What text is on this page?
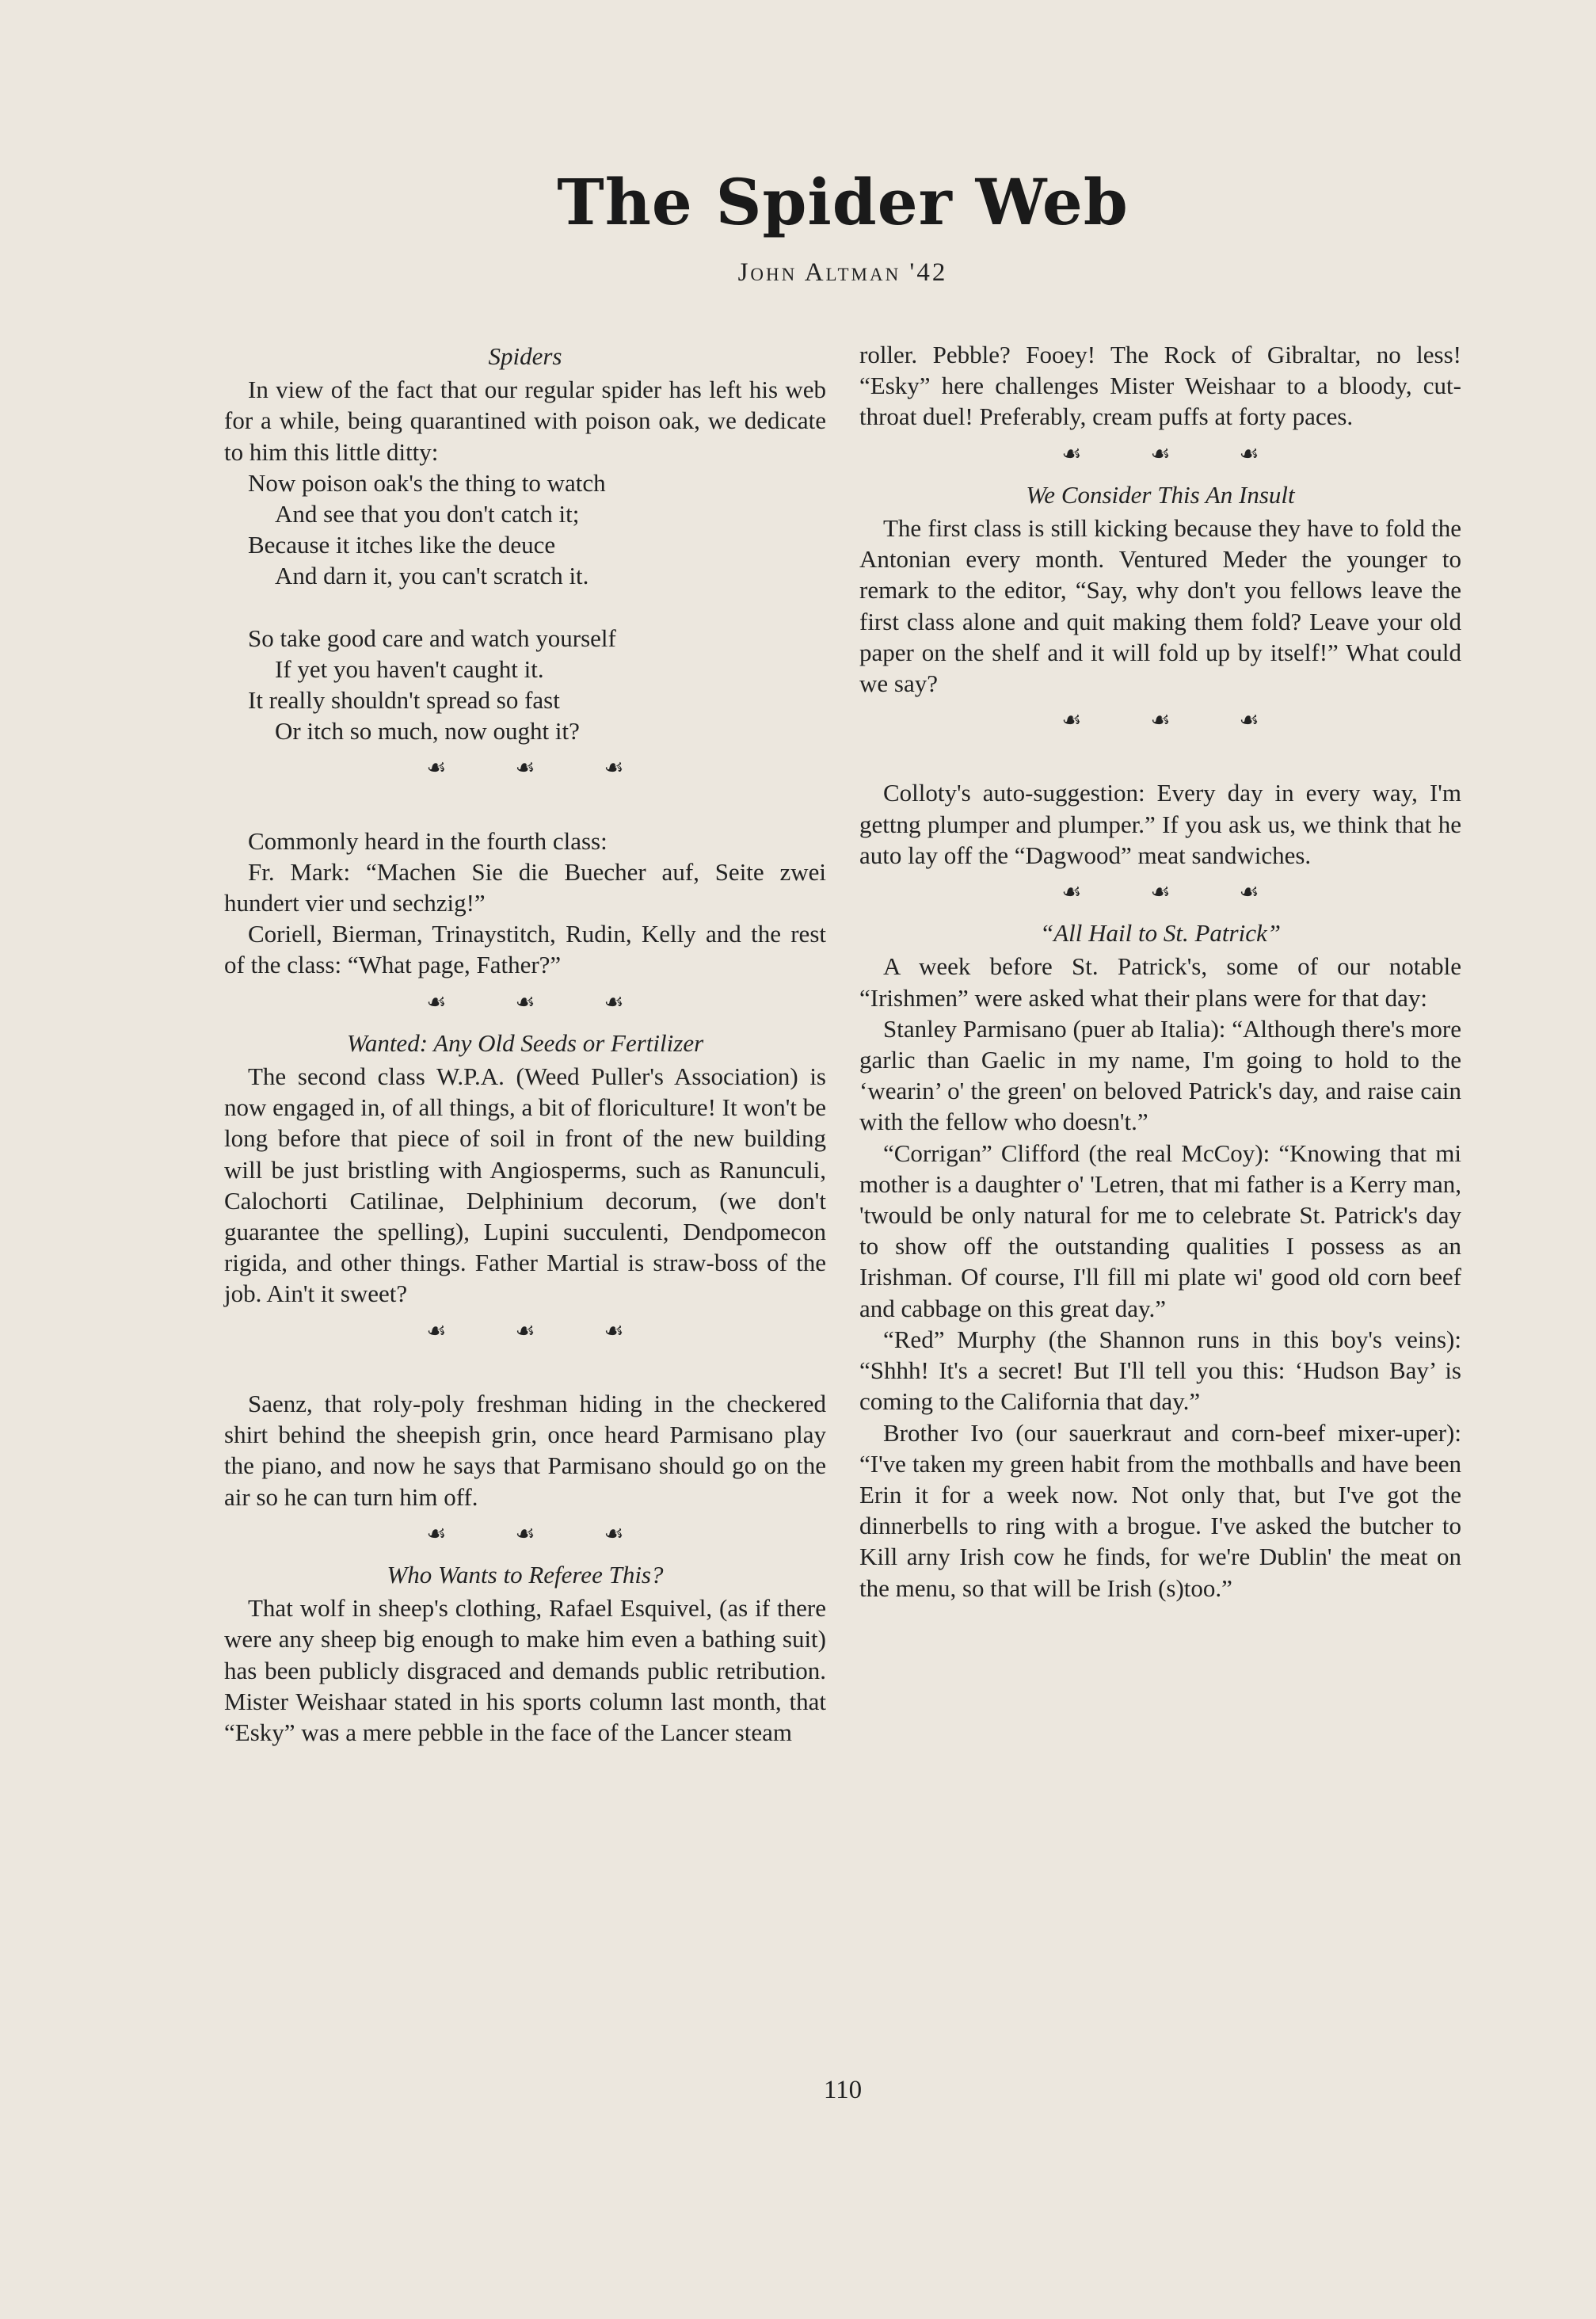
The Spider Web
John Altman '42
Spiders

In view of the fact that our regular spider has left his web for a while, being quarantined with poison oak, we dedicate to him this little ditty:

Now poison oak's the thing to watch
And see that you don't catch it;
Because it itches like the deuce
And darn it, you can't scratch it.
So take good care and watch yourself
If yet you haven't caught it.
It really shouldn't spread so fast
Or itch so much, now ought it?
☙ ☙ ☙

Commonly heard in the fourth class:

Fr. Mark: “Machen Sie die Buecher auf, Seite zwei hundert vier und sechzig!”

Coriell, Bierman, Trinaystitch, Rudin, Kelly and the rest of the class: “What page, Father?”

☙ ☙ ☙
Wanted: Any Old Seeds or Fertilizer

The second class W.P.A. (Weed Puller's Association) is now engaged in, of all things, a bit of floriculture! It won't be long before that piece of soil in front of the new building will be just bristling with Angiosperms, such as Ranunculi, Calochorti Catilinae, Delphinium decorum, (we don't guarantee the spelling), Lupini succulenti, Dendpomecon rigida, and other things. Father Martial is straw-boss of the job. Ain't it sweet?

☙ ☙ ☙

Saenz, that roly-poly freshman hiding in the checkered shirt behind the sheepish grin, once heard Parmisano play the piano, and now he says that Parmisano should go on the air so he can turn him off.

☙ ☙ ☙
Who Wants to Referee This?

That wolf in sheep's clothing, Rafael Esquivel, (as if there were any sheep big enough to make him even a bathing suit) has been publicly disgraced and demands public retribution. Mister Weishaar stated in his sports column last month, that “Esky” was a mere pebble in the face of the Lancer steam

roller. Pebble? Fooey! The Rock of Gibraltar, no less! “Esky” here challenges Mister Weishaar to a bloody, cut-throat duel! Preferably, cream puffs at forty paces.

☙ ☙ ☙
We Consider This An Insult

The first class is still kicking because they have to fold the Antonian every month. Ventured Meder the younger to remark to the editor, “Say, why don't you fellows leave the first class alone and quit making them fold? Leave your old paper on the shelf and it will fold up by itself!” What could we say?

☙ ☙ ☙

Colloty's auto-suggestion: Every day in every way, I'm gettng plumper and plumper.” If you ask us, we think that he auto lay off the “Dagwood” meat sandwiches.

☙ ☙ ☙
“All Hail to St. Patrick”

A week before St. Patrick's, some of our notable “Irishmen” were asked what their plans were for that day:

Stanley Parmisano (puer ab Italia): “Although there's more garlic than Gaelic in my name, I'm going to hold to the ‘wearin’ o' the green' on beloved Patrick's day, and raise cain with the fellow who doesn't.”

“Corrigan” Clifford (the real McCoy): “Knowing that mi mother is a daughter o' 'Letren, that mi father is a Kerry man, 'twould be only natural for me to celebrate St. Patrick's day to show off the outstanding qualities I possess as an Irishman. Of course, I'll fill mi plate wi' good old corn beef and cabbage on this great day.”

“Red” Murphy (the Shannon runs in this boy's veins): “Shhh! It's a secret! But I'll tell you this: ‘Hudson Bay’ is coming to the California that day.”

Brother Ivo (our sauerkraut and corn-beef mixer-uper): “I've taken my green habit from the mothballs and have been Erin it for a week now. Not only that, but I've got the dinnerbells to ring with a brogue. I've asked the butcher to Kill arny Irish cow he finds, for we're Dublin' the meat on the menu, so that will be Irish (s)too.”

110
